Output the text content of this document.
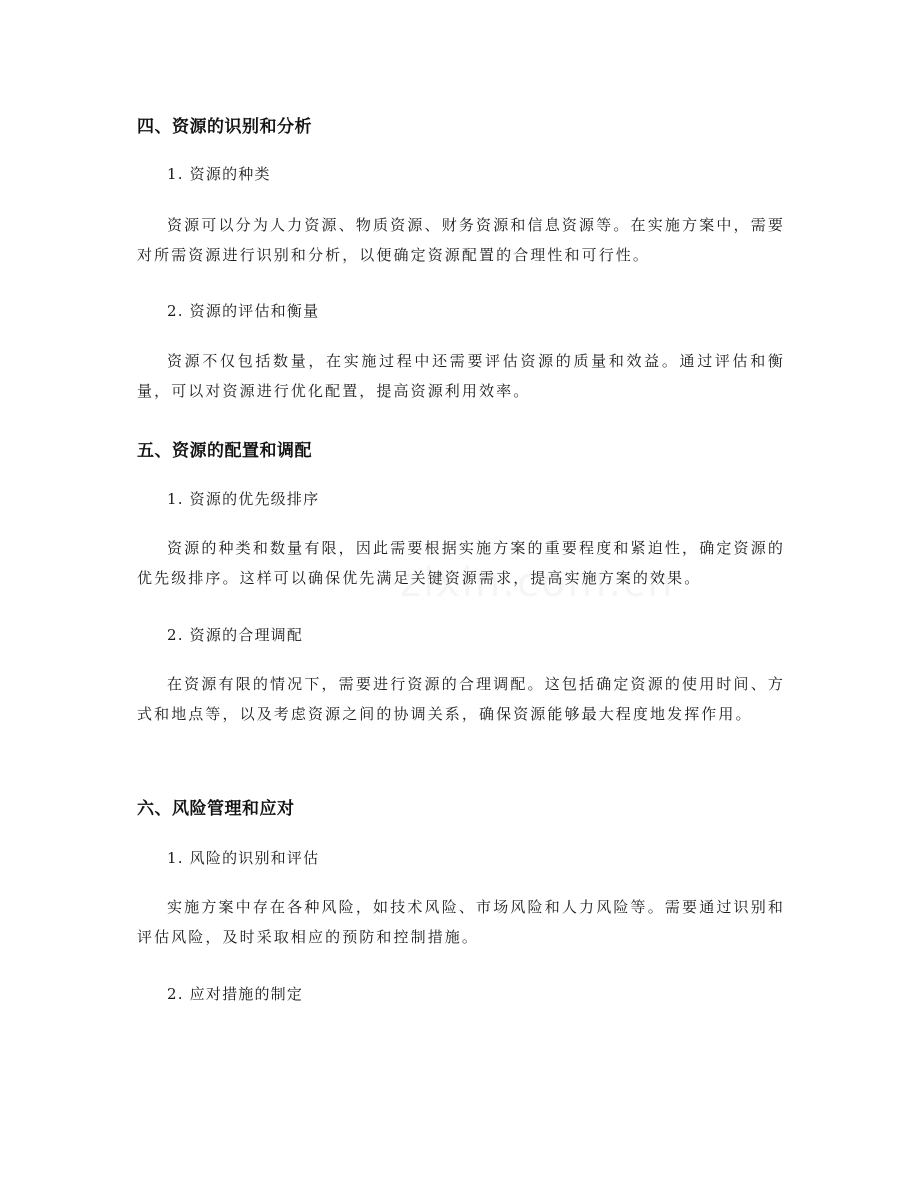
四、资源的识别和分析
1. 资源的种类

资源可以分为人力资源、物质资源、财务资源和信息资源等。在实施方案中，需要对所需资源进行识别和分析，以便确定资源配置的合理性和可行性。

2. 资源的评估和衡量

资源不仅包括数量，在实施过程中还需要评估资源的质量和效益。通过评估和衡量，可以对资源进行优化配置，提高资源利用效率。

五、资源的配置和调配
1. 资源的优先级排序

资源的种类和数量有限，因此需要根据实施方案的重要程度和紧迫性，确定资源的优先级排序。这样可以确保优先满足关键资源需求，提高实施方案的效果。

2. 资源的合理调配

在资源有限的情况下，需要进行资源的合理调配。这包括确定资源的使用时间、方式和地点等，以及考虑资源之间的协调关系，确保资源能够最大程度地发挥作用。

六、风险管理和应对
1. 风险的识别和评估

实施方案中存在各种风险，如技术风险、市场风险和人力风险等。需要通过识别和评估风险，及时采取相应的预防和控制措施。

2. 应对措施的制定
